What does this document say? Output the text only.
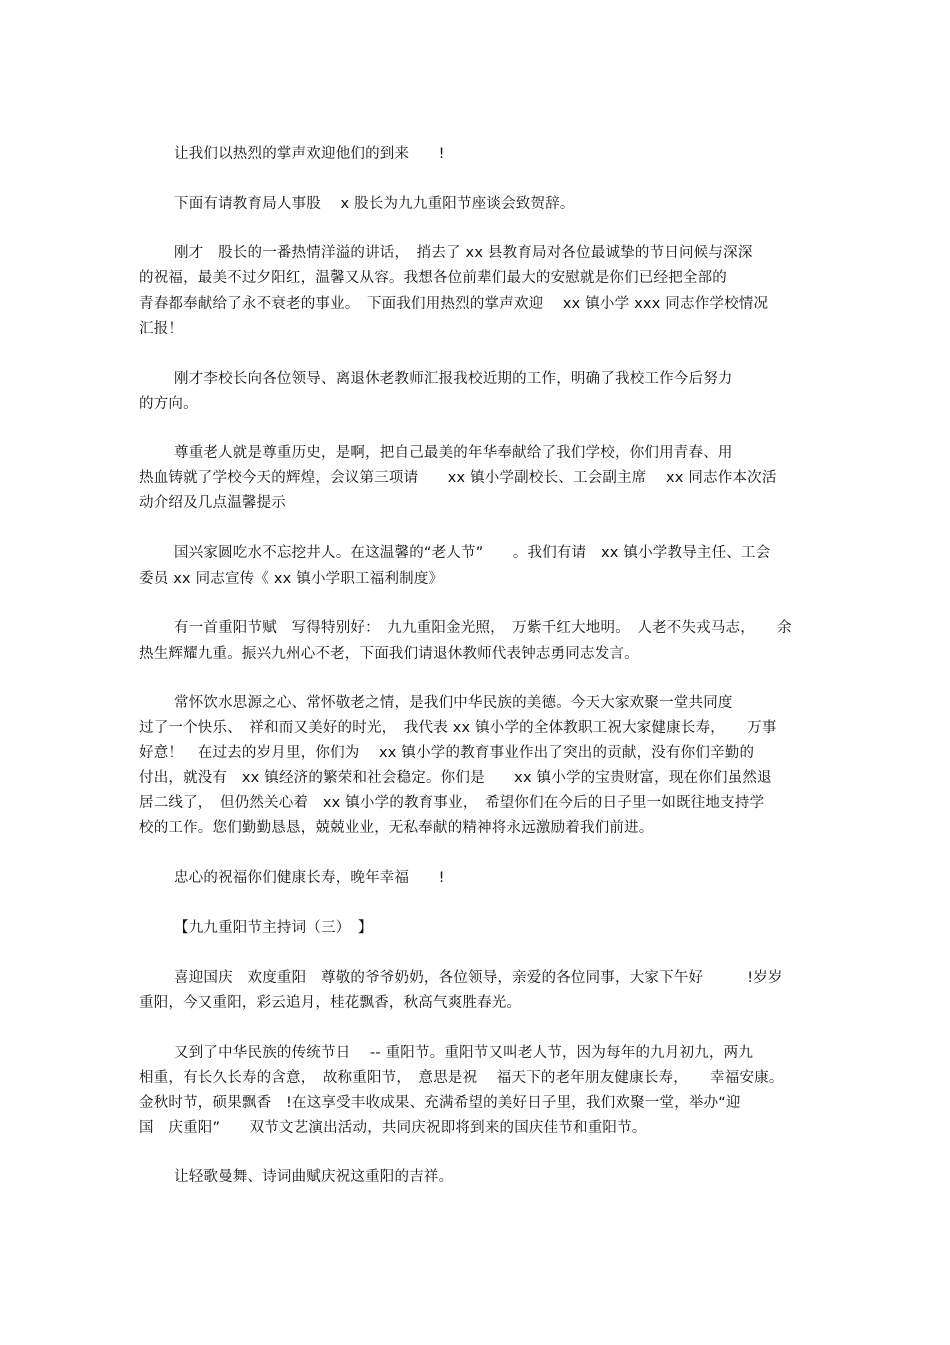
让我们以热烈的掌声欢迎他们的到来　　!
下面有请教育局人事股　 x 股长为九九重阳节座谈会致贺辞。
刚才　股长的一番热情洋溢的讲话，　捎去了 xx 县教育局对各位最诚挚的节日问候与深深
的祝福，最美不过夕阳红，温馨又从容。我想各位前辈们最大的安慰就是你们已经把全部的
青春都奉献给了永不衰老的事业。　下面我们用热烈的掌声欢迎　 xx 镇小学 xxx 同志作学校情况
汇报！
刚才李校长向各位领导、离退休老教师汇报我校近期的工作，明确了我校工作今后努力
的方向。
尊重老人就是尊重历史，是啊，把自己最美的年华奉献给了我们学校，你们用青春、用
热血铸就了学校今天的辉煌，会议第三项请　　xx 镇小学副校长、工会副主席　 xx 同志作本次活
动介绍及几点温馨提示
国兴家圆吃水不忘挖井人。在这温馨的“老人节”　　。我们有请　xx 镇小学教导主任、工会
委员 xx 同志宣传《 xx 镇小学职工福利制度》
有一首重阳节赋　写得特别好：　九九重阳金光照，　万紫千红大地明。　人老不失戎马志，　　余
热生辉耀九重。振兴九州心不老，下面我们请退休教师代表钟志勇同志发言。
常怀饮水思源之心、常怀敬老之情，是我们中华民族的美德。今天大家欢聚一堂共同度
过了一个快乐、　祥和而又美好的时光，　我代表 xx 镇小学的全体教职工祝大家健康长寿，　　万事
好意！　在过去的岁月里，你们为　 xx 镇小学的教育事业作出了突出的贡献，没有你们辛勤的
付出，就没有　xx 镇经济的繁荣和社会稳定。你们是　　xx 镇小学的宝贵财富，现在你们虽然退
居二线了，　但仍然关心着　xx 镇小学的教育事业，　希望你们在今后的日子里一如既往地支持学
校的工作。您们勤勤恳恳，兢兢业业，无私奉献的精神将永远激励着我们前进。
忠心的祝福你们健康长寿，晚年幸福　　!
【九九重阳节主持词（三）　】
喜迎国庆　欢度重阳　尊敬的爷爷奶奶，各位领导，亲爱的各位同事，大家下午好　　　!岁岁
重阳，今又重阳，彩云追月，桂花飘香，秋高气爽胜春光。
又到了中华民族的传统节日　 -- 重阳节。重阳节又叫老人节，因为每年的九月初九，两九
相重，有长久长寿的含意，　故称重阳节，　意思是祝　 福天下的老年朋友健康长寿，　　幸福安康。
金秋时节，硕果飘香　!在这享受丰收成果、充满希望的美好日子里，我们欢聚一堂，举办“迎
国　庆重阳”　　双节文艺演出活动，共同庆祝即将到来的国庆佳节和重阳节。
让轻歌曼舞、诗词曲赋庆祝这重阳的吉祥。
